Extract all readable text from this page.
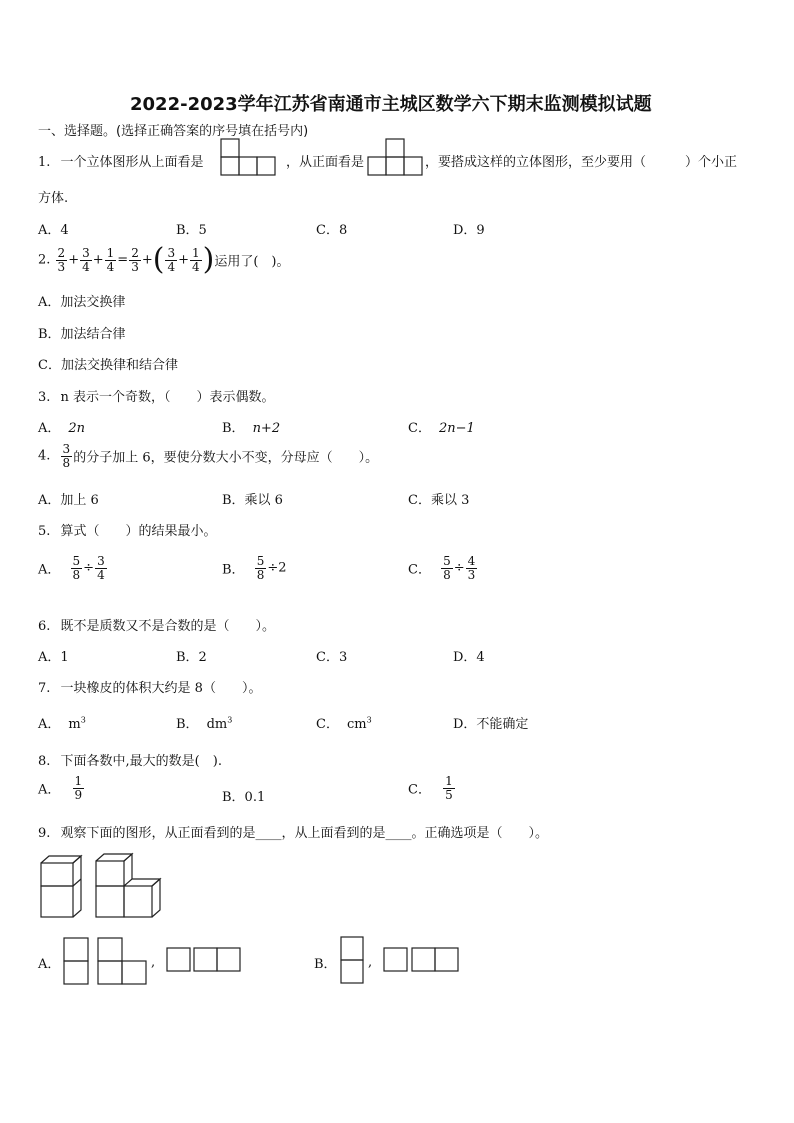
2022-2023学年江苏省南通市主城区数学六下期末监测模拟试题
一、选择题。(选择正确答案的序号填在括号内)
1. 一个立体图形从上面看是	，从正面看是	，要搭成这样的立体图形，至少要用（　　　）个小正
方体.
A．4	B．5	C．8	D．9
2. $\frac{2}{3} + \frac{3}{4} + \frac{1}{4} = \frac{2}{3}$ +( $\frac{3}{4} + \frac{1}{4}$ )运用了(　)。
A．加法交换律
B．加法结合律
C．加法交换律和结合律
3. n 表示一个奇数，（　　）表示偶数。
A． 2n	B． n+2	C． 2n−1
4. $\frac{3}{8}$ 的分子加上 6，要使分数大小不变，分母应（　　）。
A．加上 6	B．乘以 6	C．乘以 3
5. 算式（　　）的结果最小。
A． $\frac{5}{8} \div \frac{3}{4}$	B． $\frac{5}{8} \div 2$	C． $\frac{5}{8} \div \frac{4}{3}$
6. 既不是质数又不是合数的是（　　）。
A．1	B．2	C．3	D．4
7. 一块橡皮的体积大约是 8（　　）。
A． $m^3$	B． $dm^3$	C． $cm^3$	D．不能确定
8. 下面各数中,最大的数是(　).
A． $\frac{1}{9}$	B．0.1	C． $\frac{1}{5}$
9. 观察下面的图形，从正面看到的是____，从上面看到的是____。正确选项是（　　）。
A．	,	B． ,
